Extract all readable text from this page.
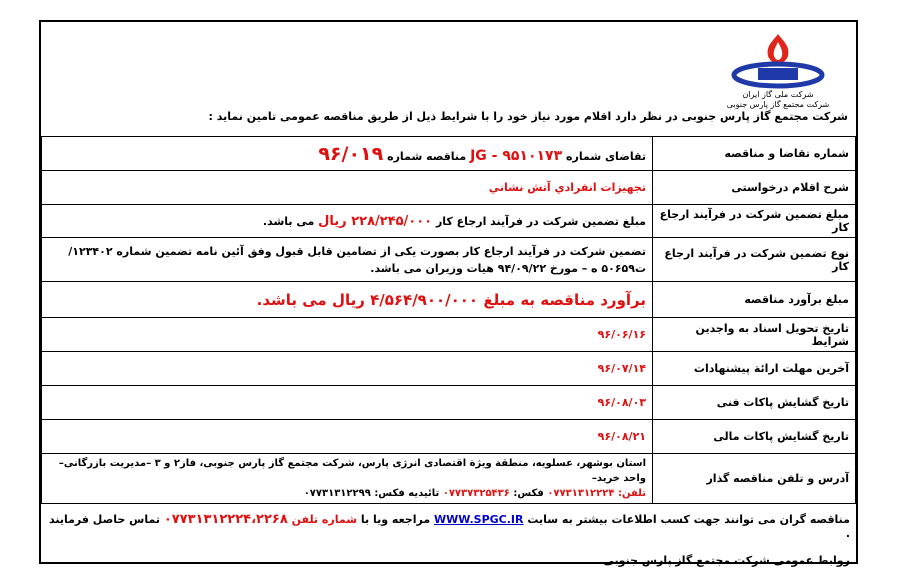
شرکت ملی گاز ایران
شرکت مجتمع گاز پارس جنوبی
شرکت مجتمع گاز پارس جنوبی در نظر دارد اقلام مورد نیاز خود را با شرایط ذیل از طریق مناقصه عمومی تامین نماید :
شماره تقاضا و مناقصه	تقاضای شماره JG - ۹۵۱۰۱۷۳ مناقصه شماره ۹۶/۰۱۹
شرح اقلام درخواستی	تجهيزات انفرادي آتش نشاني
مبلغ تضمین شرکت در فرآیند ارجاع کار	مبلغ تضمین شرکت در فرآیند ارجاع کار ۲۲۸/۲۴۵/۰۰۰ ریال می باشد.
نوع تضمین شرکت در فرآیند ارجاع کار	تضمین شرکت در فرآیند ارجاع کار بصورت یکی از تضامین قابل قبول وفق آئین نامه تضمین شماره ۱۲۳۴۰۲/ت۵۰۶۵۹ ه – مورخ ۹۴/۰۹/۲۲ هیات وزیران می باشد.
مبلغ برآورد مناقصه	برآورد مناقصه به مبلغ ۴/۵۶۴/۹۰۰/۰۰۰ ریال می باشد.
تاریخ تحویل اسناد به واجدین شرایط	۹۶/۰۶/۱۶
آخرین مهلت ارائة پیشنهادات	۹۶/۰۷/۱۴
تاریخ گشایش پاکات فنی	۹۶/۰۸/۰۳
تاریخ گشایش پاکات مالی	۹۶/۰۸/۲۱
آدرس و تلفن مناقصه گذار	استان بوشهر، عسلویه، منطقة ویژة اقتصادی انرژی پارس، شرکت مجتمع گاز پارس جنوبی، فاز۲ و ۳ –مدیریت بازرگانی–واحد خرید–
تلفن: ۰۷۷۳۱۳۱۲۲۲۴ فکس: ۰۷۷۳۷۳۲۵۴۳۶ تائیدیه فکس: ۰۷۷۳۱۳۱۲۲۹۹
مناقصه گران می توانند جهت کسب اطلاعات بیشتر به سایت WWW.SPGC.IR مراجعه ویا با شماره تلفن ۰۷۷۳۱۳۱۲۲۲۴،۲۲۶۸ تماس حاصل فرمایند .
روابط عمومی شرکت مجتمع گاز پارس جنوبی
